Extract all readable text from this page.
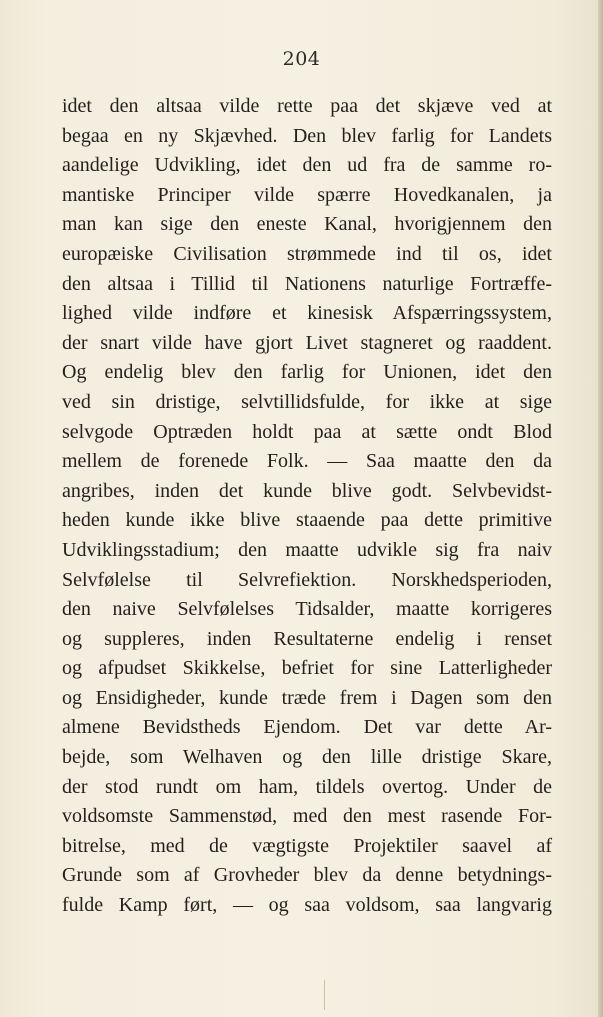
204
idet den altsaa vilde rette paa det skjæve ved at
begaa en ny Skjævhed. Den blev farlig for Landets
aandelige Udvikling, idet den ud fra de samme ro-
mantiske Principer vilde spærre Hovedkanalen, ja
man kan sige den eneste Kanal, hvorigjennem den
europæiske Civilisation strømmede ind til os, idet
den altsaa i Tillid til Nationens naturlige Fortræffe-
lighed vilde indføre et kinesisk Afspærringssystem,
der snart vilde have gjort Livet stagneret og raaddent.
Og endelig blev den farlig for Unionen, idet den
ved sin dristige, selvtillidsfulde, for ikke at sige
selvgode Optræden holdt paa at sætte ondt Blod
mellem de forenede Folk. — Saa maatte den da
angribes, inden det kunde blive godt. Selvbevidst-
heden kunde ikke blive staaende paa dette primitive
Udviklingsstadium; den maatte udvikle sig fra naiv
Selvfølelse til Selvrefiektion. Norskhedsperioden,
den naive Selvfølelses Tidsalder, maatte korrigeres
og suppleres, inden Resultaterne endelig i renset
og afpudset Skikkelse, befriet for sine Latterligheder
og Ensidigheder, kunde træde frem i Dagen som den
almene Bevidstheds Ejendom. Det var dette Ar-
bejde, som Welhaven og den lille dristige Skare,
der stod rundt om ham, tildels overtog. Under de
voldsomste Sammenstød, med den mest rasende For-
bitrelse, med de vægtigste Projektiler saavel af
Grunde som af Grovheder blev da denne betydnings-
fulde Kamp ført, — og saa voldsom, saa langvarig
